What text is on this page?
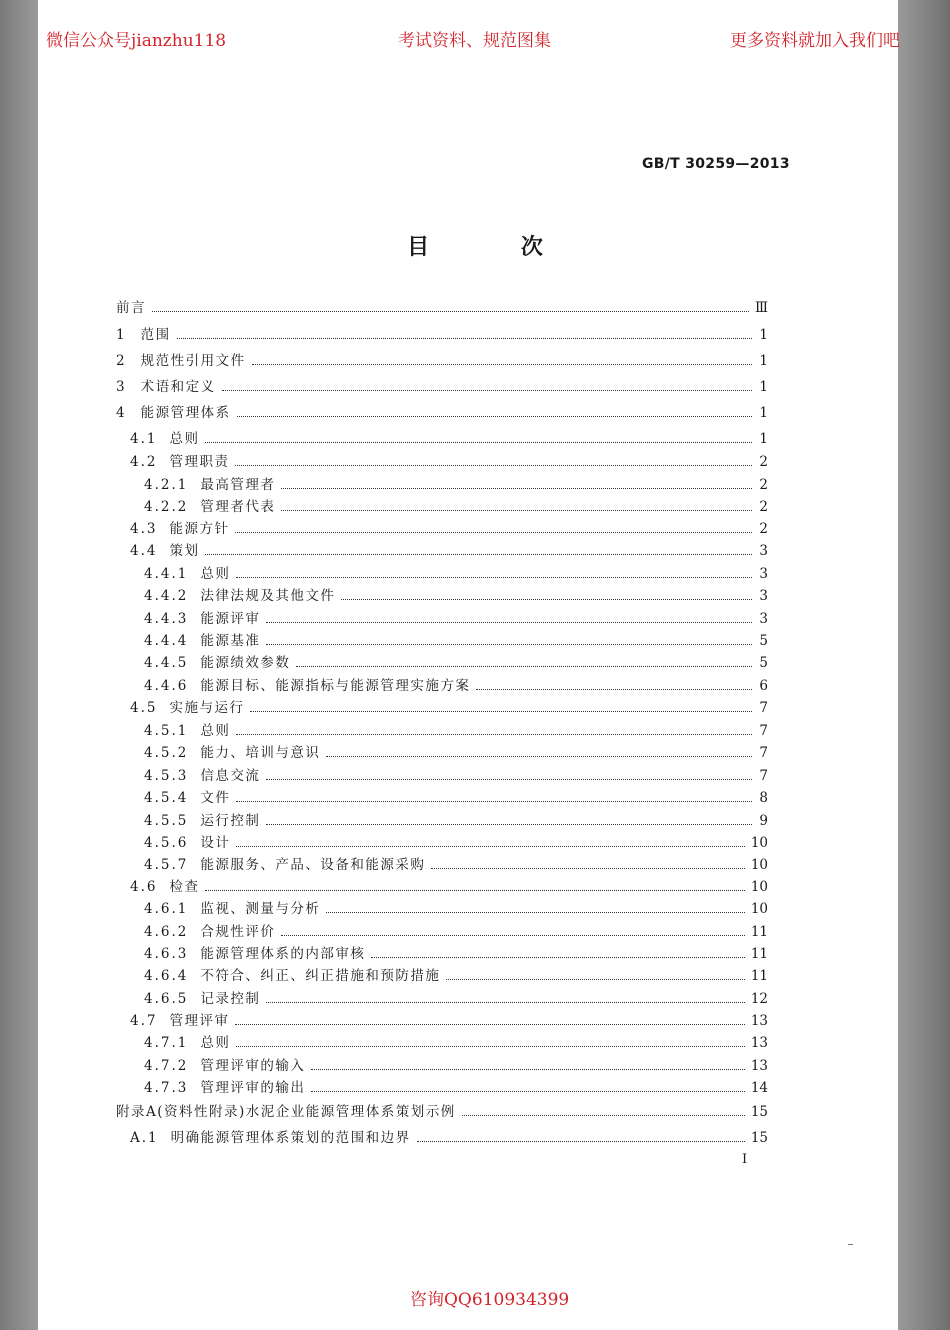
微信公众号jianzhu118	考试资料、规范图集	更多资料就加入我们吧
GB/T 30259—2013
目 次
前言	Ⅲ
1 范围	1
2 规范性引用文件	1
3 术语和定义	1
4 能源管理体系	1
4.1 总则	1
4.2 管理职责	2
4.2.1 最高管理者	2
4.2.2 管理者代表	2
4.3 能源方针	2
4.4 策划	3
4.4.1 总则	3
4.4.2 法律法规及其他文件	3
4.4.3 能源评审	3
4.4.4 能源基准	5
4.4.5 能源绩效参数	5
4.4.6 能源目标、能源指标与能源管理实施方案	6
4.5 实施与运行	7
4.5.1 总则	7
4.5.2 能力、培训与意识	7
4.5.3 信息交流	7
4.5.4 文件	8
4.5.5 运行控制	9
4.5.6 设计	10
4.5.7 能源服务、产品、设备和能源采购	10
4.6 检查	10
4.6.1 监视、测量与分析	10
4.6.2 合规性评价	11
4.6.3 能源管理体系的内部审核	11
4.6.4 不符合、纠正、纠正措施和预防措施	11
4.6.5 记录控制	12
4.7 管理评审	13
4.7.1 总则	13
4.7.2 管理评审的输入	13
4.7.3 管理评审的输出	14
附录A(资料性附录)水泥企业能源管理体系策划示例	15
A.1 明确能源管理体系策划的范围和边界	15
I
咨询QQ610934399
